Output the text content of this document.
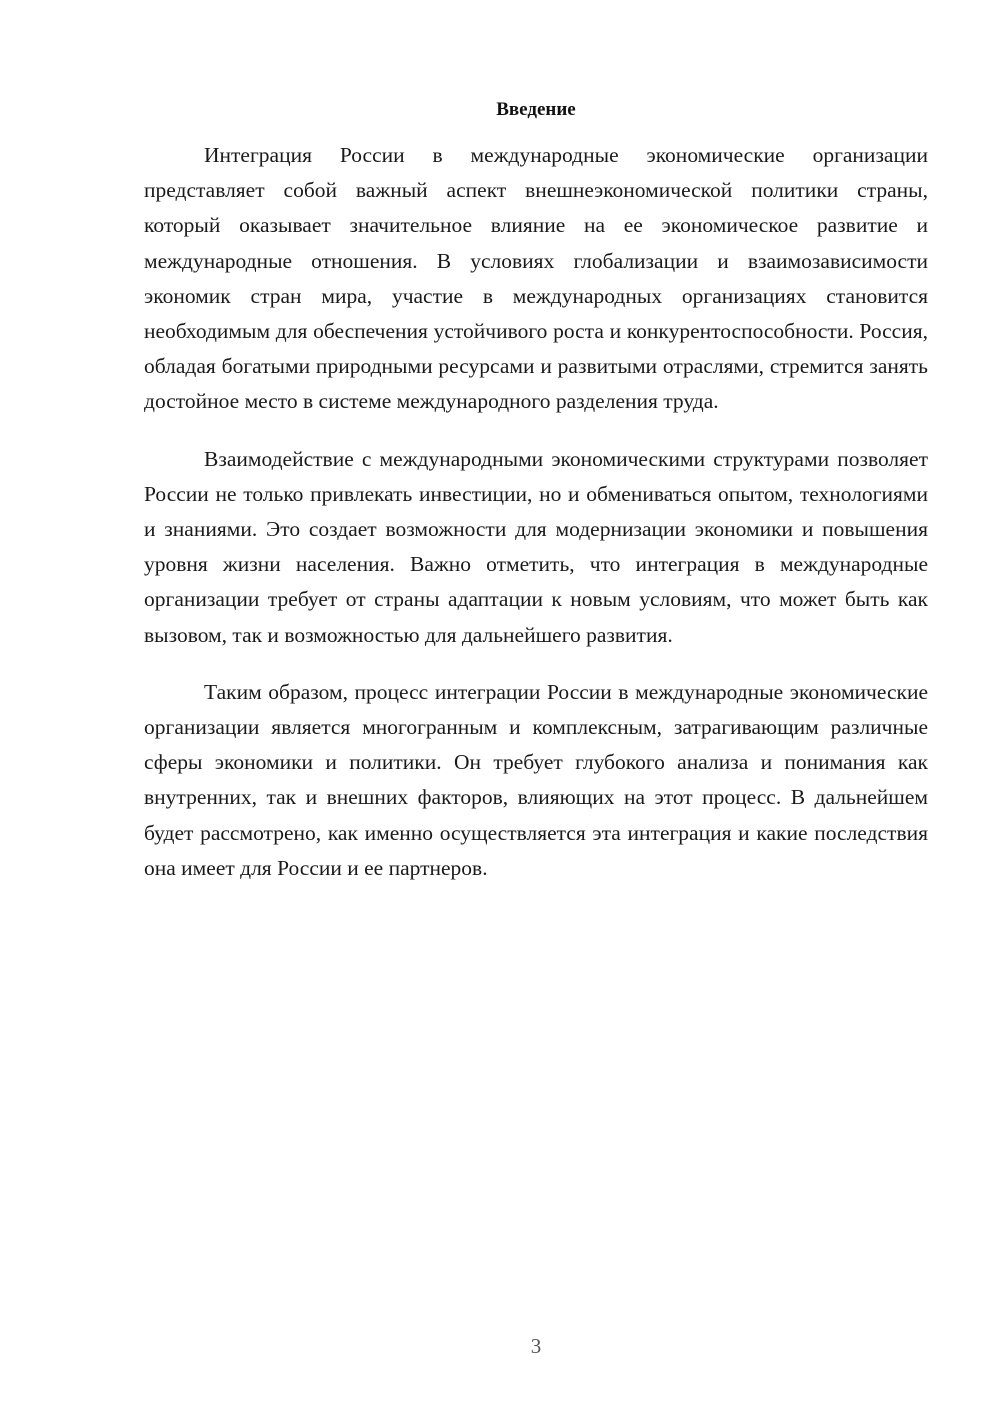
Введение

Интеграция России в международные экономические организации представляет собой важный аспект внешнеэкономической политики страны, который оказывает значительное влияние на ее экономическое развитие и международные отношения. В условиях глобализации и взаимозависимости экономик стран мира, участие в международных организациях становится необходимым для обеспечения устойчивого роста и конкурентоспособности. Россия, обладая богатыми природными ресурсами и развитыми отраслями, стремится занять достойное место в системе международного разделения труда.

Взаимодействие с международными экономическими структурами позволяет России не только привлекать инвестиции, но и обмениваться опытом, технологиями и знаниями. Это создает возможности для модернизации экономики и повышения уровня жизни населения. Важно отметить, что интеграция в международные организации требует от страны адаптации к новым условиям, что может быть как вызовом, так и возможностью для дальнейшего развития.

Таким образом, процесс интеграции России в международные экономические организации является многогранным и комплексным, затрагивающим различные сферы экономики и политики. Он требует глубокого анализа и понимания как внутренних, так и внешних факторов, влияющих на этот процесс. В дальнейшем будет рассмотрено, как именно осуществляется эта интеграция и какие последствия она имеет для России и ее партнеров.

3
